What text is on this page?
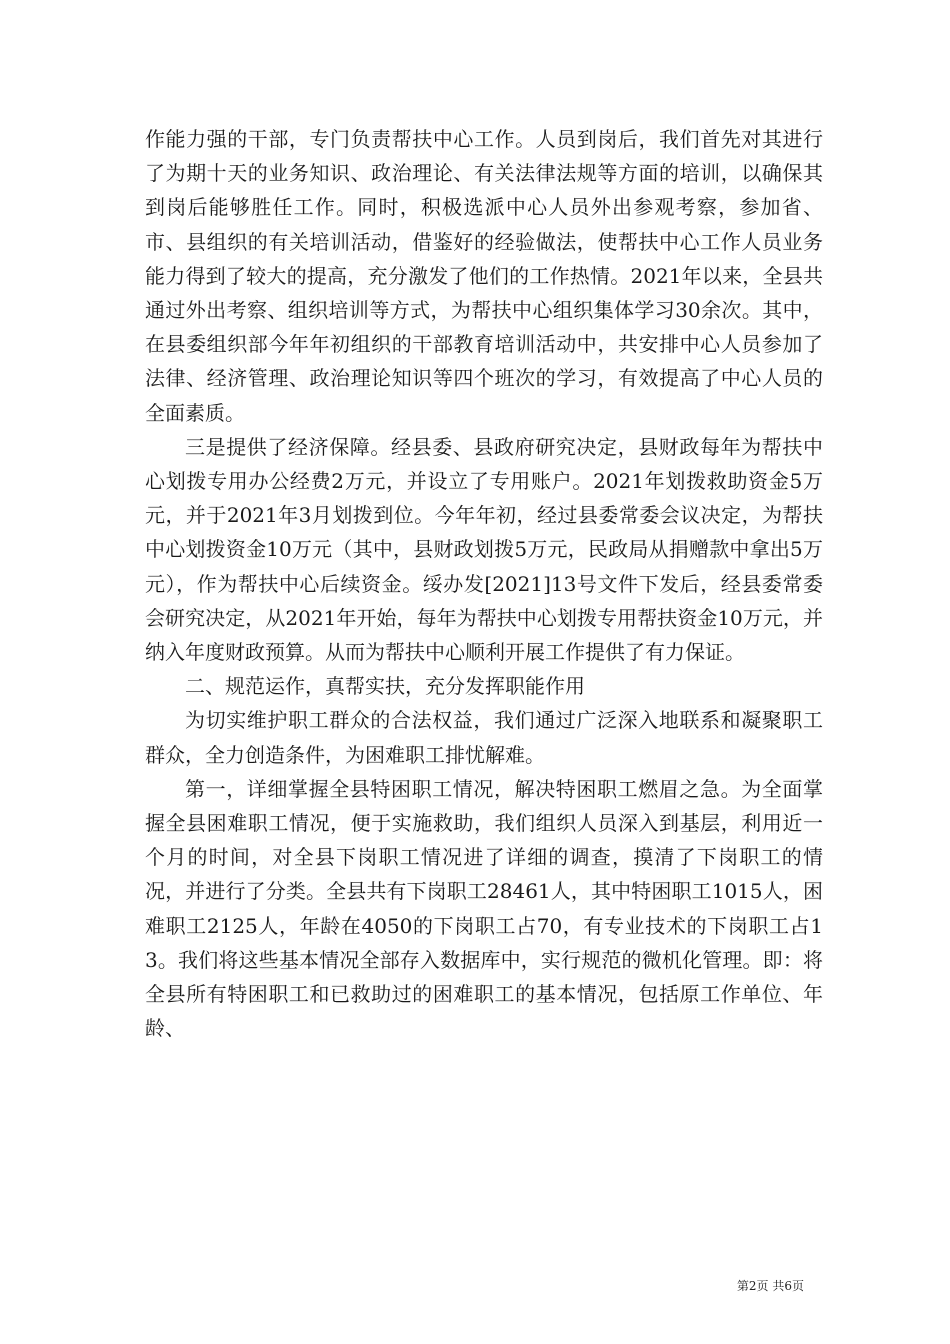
作能力强的干部，专门负责帮扶中心工作。人员到岗后，我们首先对其进行了为期十天的业务知识、政治理论、有关法律法规等方面的培训，以确保其到岗后能够胜任工作。同时，积极选派中心人员外出参观考察，参加省、市、县组织的有关培训活动，借鉴好的经验做法，使帮扶中心工作人员业务能力得到了较大的提高，充分激发了他们的工作热情。2021年以来，全县共通过外出考察、组织培训等方式，为帮扶中心组织集体学习30余次。其中，在县委组织部今年年初组织的干部教育培训活动中，共安排中心人员参加了法律、经济管理、政治理论知识等四个班次的学习，有效提高了中心人员的全面素质。

三是提供了经济保障。经县委、县政府研究决定，县财政每年为帮扶中心划拨专用办公经费2万元，并设立了专用账户。2021年划拨救助资金5万元，并于2021年3月划拨到位。今年年初，经过县委常委会议决定，为帮扶中心划拨资金10万元（其中，县财政划拨5万元，民政局从捐赠款中拿出5万元），作为帮扶中心后续资金。绥办发[2021]13号文件下发后，经县委常委会研究决定，从2021年开始，每年为帮扶中心划拨专用帮扶资金10万元，并纳入年度财政预算。从而为帮扶中心顺利开展工作提供了有力保证。

二、规范运作，真帮实扶，充分发挥职能作用

为切实维护职工群众的合法权益，我们通过广泛深入地联系和凝聚职工群众，全力创造条件，为困难职工排忧解难。

第一，详细掌握全县特困职工情况，解决特困职工燃眉之急。为全面掌握全县困难职工情况，便于实施救助，我们组织人员深入到基层，利用近一个月的时间，对全县下岗职工情况进了详细的调查，摸清了下岗职工的情况，并进行了分类。全县共有下岗职工28461人，其中特困职工1015人，困难职工2125人，年龄在4050的下岗职工占70，有专业技术的下岗职工占13。我们将这些基本情况全部存入数据库中，实行规范的微机化管理。即：将全县所有特困职工和已救助过的困难职工的基本情况，包括原工作单位、年龄、

第2页 共6页
